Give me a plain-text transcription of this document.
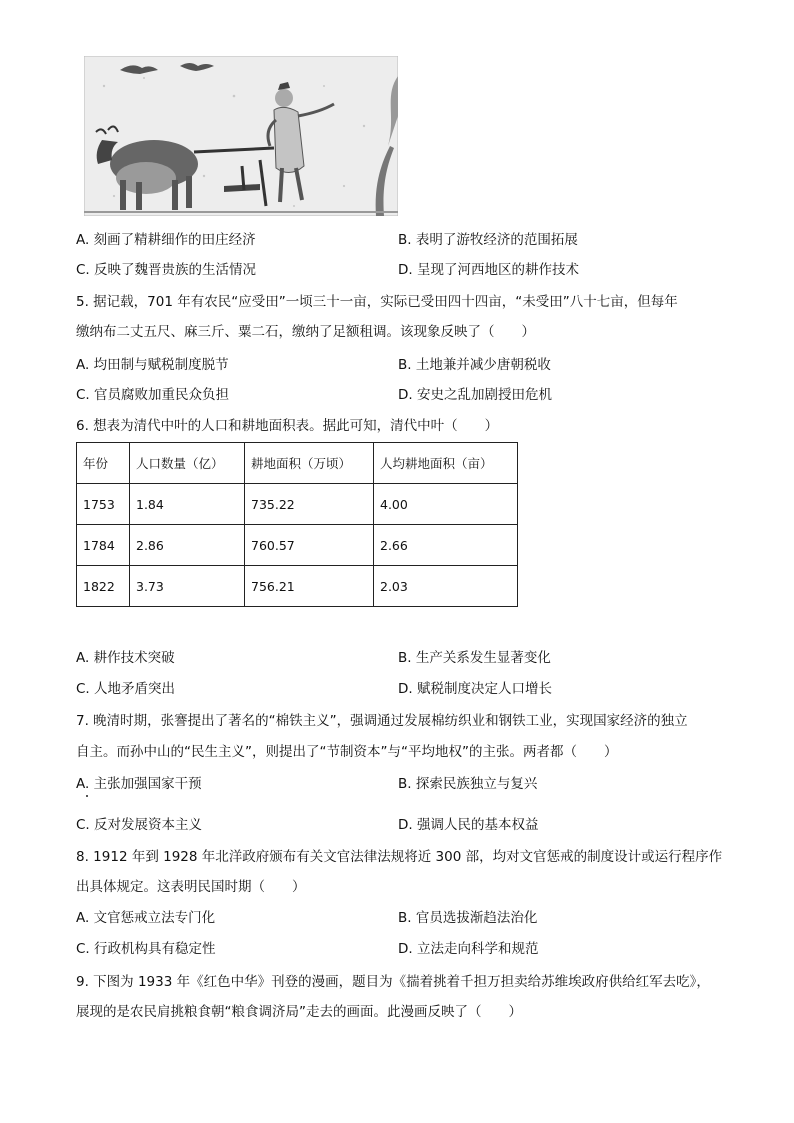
A. 刻画了精耕细作的田庄经济	B. 表明了游牧经济的范围拓展
C. 反映了魏晋贵族的生活情况	D. 呈现了河西地区的耕作技术
5. 据记载，701 年有农民“应受田”一顷三十一亩，实际已受田四十四亩，“未受田”八十七亩，但每年
缴纳布二丈五尺、麻三斤、粟二石，缴纳了足额租调。该现象反映了（　　）
A. 均田制与赋税制度脱节	B. 土地兼并减少唐朝税收
C. 官员腐败加重民众负担	D. 安史之乱加剧授田危机
6. 想表为清代中叶的人口和耕地面积表。据此可知，清代中叶（　　）
年份	人口数量（亿）	耕地面积（万顷）	人均耕地面积（亩）
1753	1.84	735.22	4.00
1784	2.86	760.57	2.66
1822	3.73	756.21	2.03
A. 耕作技术突破	B. 生产关系发生显著变化
C. 人地矛盾突出	D. 赋税制度决定人口增长
7. 晚清时期，张謇提出了著名的“棉铁主义”，强调通过发展棉纺织业和钢铁工业，实现国家经济的独立
自主。而孙中山的“民生主义”，则提出了“节制资本”与“平均地权”的主张。两者都（　　）
A. 主张加强国家干预	B. 探索民族独立与复兴
C. 反对发展资本主义	D. 强调人民的基本权益
8. 1912 年到 1928 年北洋政府颁布有关文官法律法规将近 300 部，均对文官惩戒的制度设计或运行程序作
出具体规定。这表明民国时期（　　）
A. 文官惩戒立法专门化	B. 官员选拔渐趋法治化
C. 行政机构具有稳定性	D. 立法走向科学和规范
9. 下图为 1933 年《红色中华》刊登的漫画，题目为《揣着挑着千担万担卖给苏维埃政府供给红军去吃》，
展现的是农民肩挑粮食朝“粮食调济局”走去的画面。此漫画反映了（　　）
